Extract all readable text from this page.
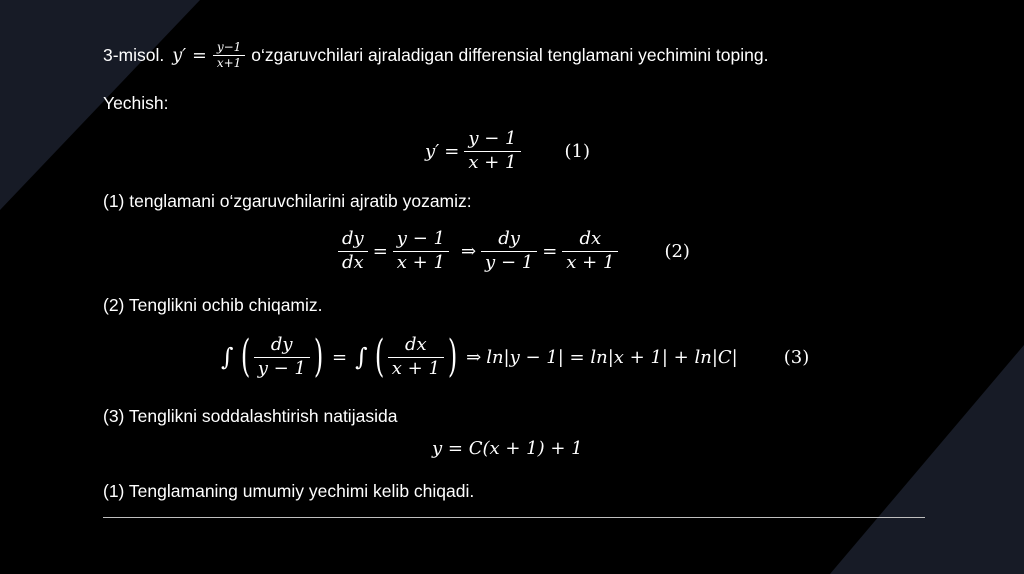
3-misol. $y' = \frac{y-1}{x+1}$ o‘zgaruvchilari ajraladigan differensial tenglamani yechimini toping.
Yechish:
$y' = \frac{y - 1}{x + 1} (1)$
(1) tenglamani o‘zgaruvchilarini ajratib yozamiz:
$\frac{dy}{dx} = \frac{y - 1}{x + 1}$ ⇒ $\frac{dy}{y - 1} = \frac{dx}{x + 1}$	(2)
(2) Tenglikni ochib chiqamiz.
∫ ( $\frac{dy}{y - 1}$ ) = ∫ ( $\frac{dx}{x + 1}$ ) ⇒ ln|y − 1| = ln|x + 1| + ln|C|	(3)
(3) Tenglikni soddalashtirish natijasida
y = C(x + 1) + 1
(1) Tenglamaning umumiy yechimi kelib chiqadi.
